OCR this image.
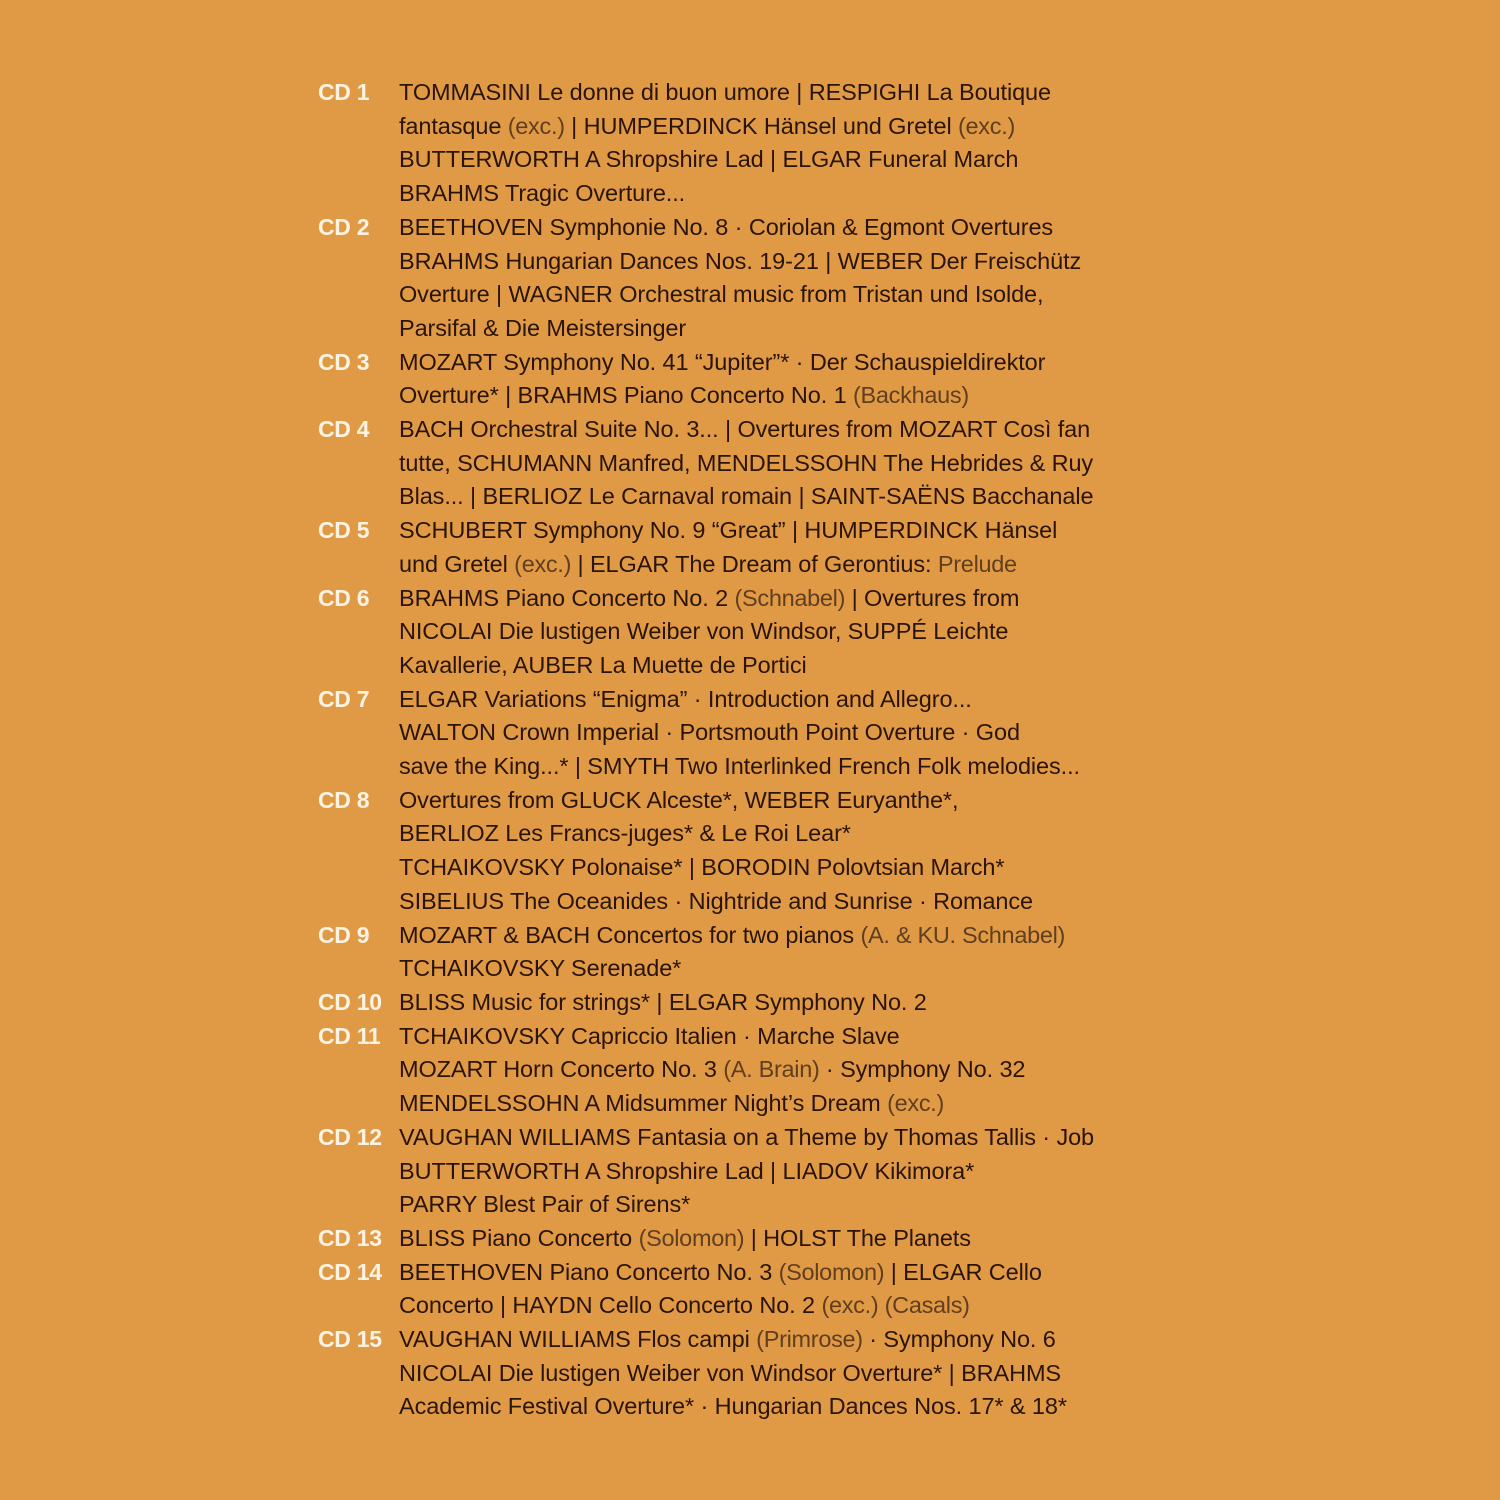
CD 1	TOMMASINI Le donne di buon umore | RESPIGHI La Boutique
fantasque (exc.) | HUMPERDINCK Hänsel und Gretel (exc.)
BUTTERWORTH A Shropshire Lad | ELGAR Funeral March
BRAHMS Tragic Overture...
CD 2	BEETHOVEN Symphonie No. 8 · Coriolan & Egmont Overtures
BRAHMS Hungarian Dances Nos. 19-21 | WEBER Der Freischütz
Overture | WAGNER Orchestral music from Tristan und Isolde,
Parsifal & Die Meistersinger
CD 3	MOZART Symphony No. 41 “Jupiter”* · Der Schauspieldirektor
Overture* | BRAHMS Piano Concerto No. 1 (Backhaus)
CD 4	BACH Orchestral Suite No. 3... | Overtures from MOZART Così fan
tutte, SCHUMANN Manfred, MENDELSSOHN The Hebrides & Ruy
Blas... | BERLIOZ Le Carnaval romain | SAINT-SAËNS Bacchanale
CD 5	SCHUBERT Symphony No. 9 “Great” | HUMPERDINCK Hänsel
und Gretel (exc.) | ELGAR The Dream of Gerontius: Prelude
CD 6	BRAHMS Piano Concerto No. 2 (Schnabel) | Overtures from
NICOLAI Die lustigen Weiber von Windsor, SUPPÉ Leichte
Kavallerie, AUBER La Muette de Portici
CD 7	ELGAR Variations “Enigma” · Introduction and Allegro...
WALTON Crown Imperial · Portsmouth Point Overture · God
save the King...* | SMYTH Two Interlinked French Folk melodies...
CD 8	Overtures from GLUCK Alceste*, WEBER Euryanthe*,
BERLIOZ Les Francs-juges* & Le Roi Lear*
TCHAIKOVSKY Polonaise* | BORODIN Polovtsian March*
SIBELIUS The Oceanides · Nightride and Sunrise · Romance
CD 9	MOZART & BACH Concertos for two pianos (A. & KU. Schnabel)
TCHAIKOVSKY Serenade*
CD 10 BLISS Music for strings* | ELGAR Symphony No. 2
CD 11 TCHAIKOVSKY Capriccio Italien · Marche Slave
MOZART Horn Concerto No. 3 (A. Brain) · Symphony No. 32
MENDELSSOHN A Midsummer Night’s Dream (exc.)
CD 12 VAUGHAN WILLIAMS Fantasia on a Theme by Thomas Tallis · Job
BUTTERWORTH A Shropshire Lad | LIADOV Kikimora*
PARRY Blest Pair of Sirens*
CD 13 BLISS Piano Concerto (Solomon) | HOLST The Planets
CD 14 BEETHOVEN Piano Concerto No. 3 (Solomon) | ELGAR Cello
Concerto | HAYDN Cello Concerto No. 2 (exc.) (Casals)
CD 15 VAUGHAN WILLIAMS Flos campi (Primrose) · Symphony No. 6
NICOLAI Die lustigen Weiber von Windsor Overture* | BRAHMS
Academic Festival Overture* · Hungarian Dances Nos. 17* & 18*
